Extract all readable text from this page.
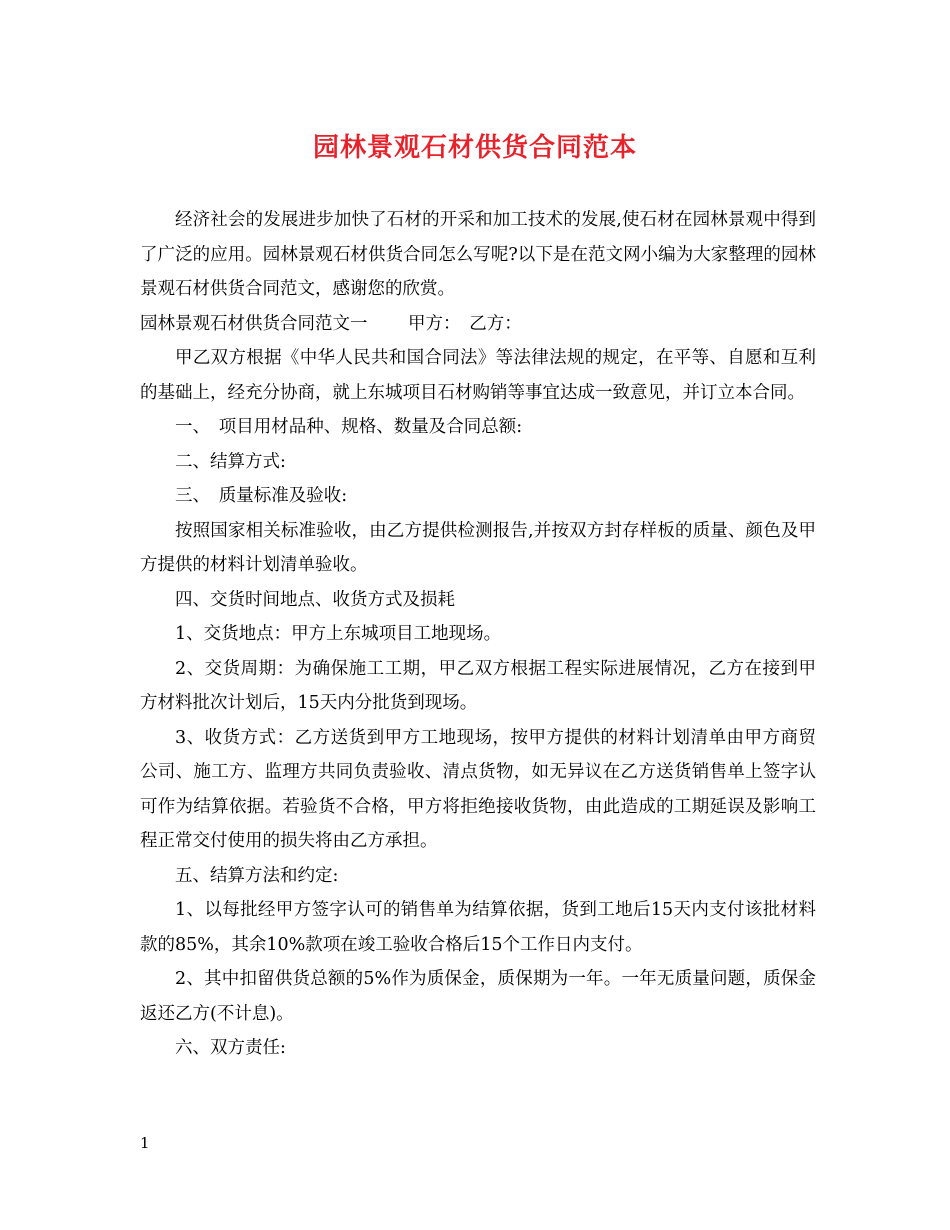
园林景观石材供货合同范本

经济社会的发展进步加快了石材的开采和加工技术的发展,使石材在园林景观中得到了广泛的应用。园林景观石材供货合同怎么写呢?以下是在范文网小编为大家整理的园林景观石材供货合同范文，感谢您的欣赏。

园林景观石材供货合同范文一　　 甲方：　乙方：

甲乙双方根据《中华人民共和国合同法》等法律法规的规定，在平等、自愿和互利的基础上，经充分协商，就上东城项目石材购销等事宜达成一致意见，并订立本合同。

一、　项目用材品种、规格、数量及合同总额:

二、结算方式:

三、　质量标准及验收:

按照国家相关标准验收，由乙方提供检测报告,并按双方封存样板的质量、颜色及甲方提供的材料计划清单验收。

四、交货时间地点、收货方式及损耗

1、交货地点：甲方上东城项目工地现场。

2、交货周期：为确保施工工期，甲乙双方根据工程实际进展情况，乙方在接到甲方材料批次计划后，15天内分批货到现场。

3、收货方式：乙方送货到甲方工地现场，按甲方提供的材料计划清单由甲方商贸公司、施工方、监理方共同负责验收、清点货物，如无异议在乙方送货销售单上签字认可作为结算依据。若验货不合格，甲方将拒绝接收货物，由此造成的工期延误及影响工程正常交付使用的损失将由乙方承担。

五、结算方法和约定:

1、以每批经甲方签字认可的销售单为结算依据，货到工地后15天内支付该批材料款的85%，其余10%款项在竣工验收合格后15个工作日内支付。

2、其中扣留供货总额的5%作为质保金，质保期为一年。一年无质量问题，质保金返还乙方(不计息)。

六、双方责任:

1
